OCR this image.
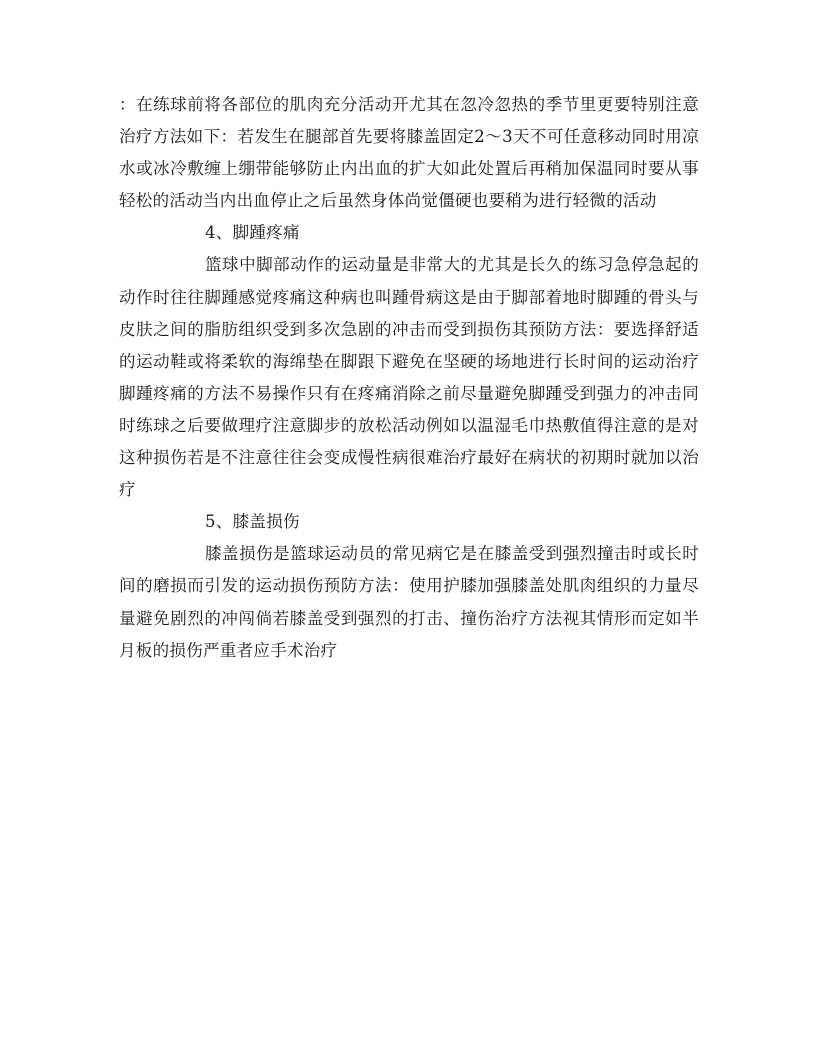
：在练球前将各部位的肌肉充分活动开尤其在忽冷忽热的季节里更要特别注意治疗方法如下：若发生在腿部首先要将膝盖固定2～3天不可任意移动同时用凉水或冰冷敷缠上绷带能够防止内出血的扩大如此处置后再稍加保温同时要从事轻松的活动当内出血停止之后虽然身体尚觉僵硬也要稍为进行轻微的活动

4、脚踵疼痛

篮球中脚部动作的运动量是非常大的尤其是长久的练习急停急起的动作时往往脚踵感觉疼痛这种病也叫踵骨病这是由于脚部着地时脚踵的骨头与皮肤之间的脂肪组织受到多次急剧的冲击而受到损伤其预防方法：要选择舒适的运动鞋或将柔软的海绵垫在脚跟下避免在坚硬的场地进行长时间的运动治疗脚踵疼痛的方法不易操作只有在疼痛消除之前尽量避免脚踵受到强力的冲击同时练球之后要做理疗注意脚步的放松活动例如以温湿毛巾热敷值得注意的是对这种损伤若是不注意往往会变成慢性病很难治疗最好在病状的初期时就加以治疗

5、膝盖损伤

膝盖损伤是篮球运动员的常见病它是在膝盖受到强烈撞击时或长时间的磨损而引发的运动损伤预防方法：使用护膝加强膝盖处肌肉组织的力量尽量避免剧烈的冲闯倘若膝盖受到强烈的打击、撞伤治疗方法视其情形而定如半月板的损伤严重者应手术治疗
